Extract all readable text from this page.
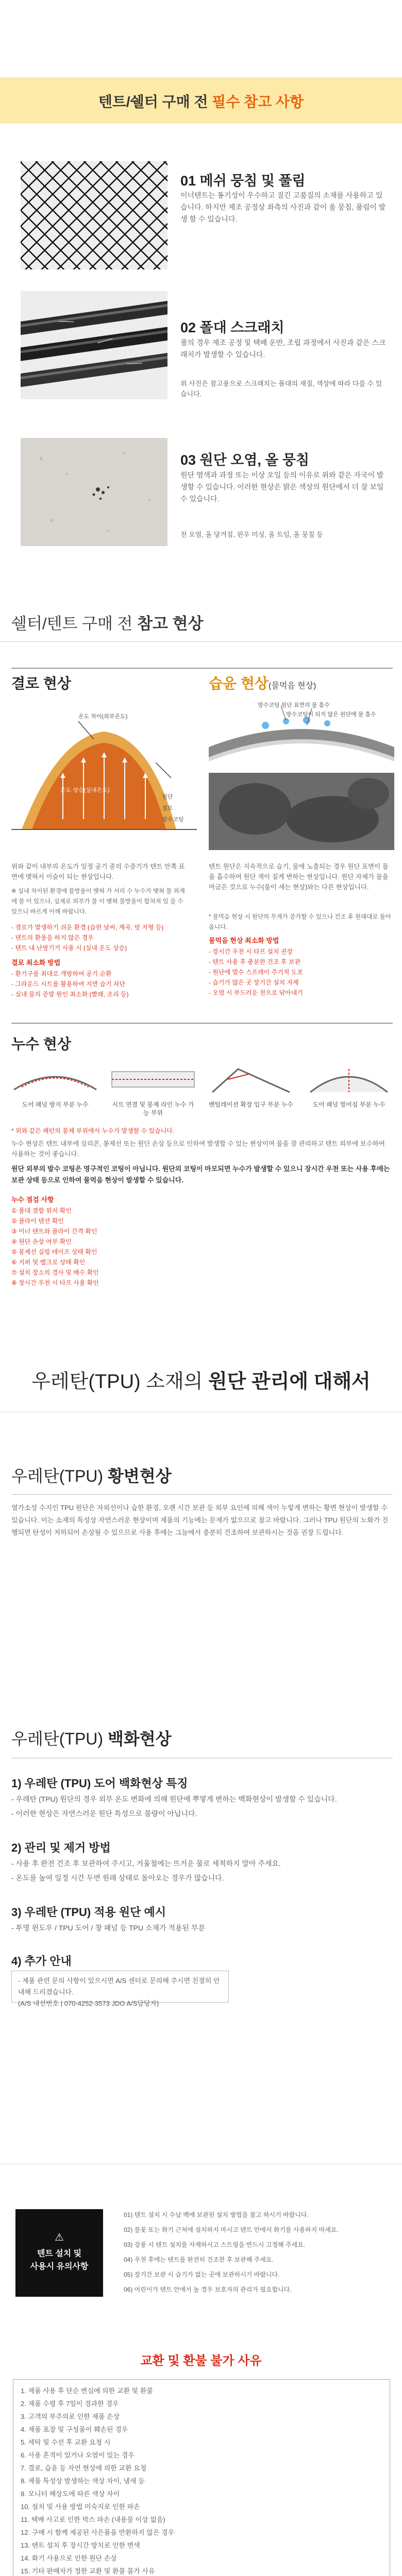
텐트/쉘터 구매 전 필수 참고 사항
01 메쉬 뭉침 및 풀림
이너텐트는 통기성이 우수하고 질긴 고품질의 소재를 사용하고 있습니다. 하지만 제조 공정상 좌측의 사진과 같이 올 뭉침, 풀림이 발생 할 수 있습니다.
02 폴대 스크래치
폴의 경우 제조 공정 및 택배 운반, 조립 과정에서 사진과 같은 스크래치가 발생할 수 있습니다.
위 사진은 참고용으로 스크래치는 폴대의 재질, 색상에 따라 다를 수 있습니다.
03 원단 오염, 올 뭉침
원단 염색과 과정 또는 이상 오일 등의 이유로 위와 같은 자국이 발생할 수 있습니다. 이러한 현상은 밝은 색상의 원단에서 더 잘 보일 수 있습니다.
천 오염, 올 당겨짐, 핀우 미싱, 올 트임, 올 뭉침 등
쉘터/텐트 구매 전 참고 현상
결로 현상
온도 차이(외부온도)
온도 상승(실내온도)
원단
결로
방수코팅
위와 같이 내부의 온도가 일정 공기 중의 수증기가 텐트 안쪽 표면에 맺혀서 이슬이 되는 현상입니다.
※ 실내 차이된 환경에 물방울이 맺혀 가 서리 수 누수가 맺혀 물 외계에 물 이 있으나, 실제로 외부가 물 이 맺혀 물방울이 합쳐져 있 을 수 있으니 바르게 이해 바랍니다.
- 결로가 발생하기 쉬운 환경 (습한 날씨, 계곡, 빗 지형 등)
- 텐트의 환풍을 하지 않은 경우
- 텐트 내 난방기기 사용 시 (실내 온도 상승)
결로 최소화 방법
- 환기구를 최대로 개방하여 공기 순환
- 그라운드 시트를 활용하여 지면 습기 차단
- 실내 물의 증발 원인 최소화 (빨래, 조리 등)
습윤 현상(물먹음 현상)
방수코팅 원단 표면의 물 흡수
방수코팅이 되지 않은 원단에 물 흡수
텐트 원단은 지속적으로 습기, 물에 노출되는 경우 원단 표면이 물을 흡수하여 원단 색이 짙게 변하는 현상입니다. 원단 자체가 물을 머금은 것으로 누수(물이 새는 현상)와는 다른 현상입니다.
* 물먹음 현상 시 원단의 무게가 증가할 수 있으나 건조 후 원래대로 돌아옵니다.
물먹음 현상 최소화 방법
- 장시간 우천 시 타프 설치 권장
- 텐트 사용 후 충분한 건조 후 보관
- 원단에 발수 스프레이 주기적 도포
- 습기가 많은 곳 장기간 설치 자제
- 오염 시 부드러운 천으로 닦아내기
누수 현상
도어 패널 방지 부분 누수	시트 연결 및 봉제 라인 누수 가능 부위
벤틸레이션 확장 입구 부분 누수	도어 패널 벌어짐 부분 누수
* 위와 같은 패턴의 봉제 부위에서 누수가 발생할 수 있습니다.
누수 현상은 텐트 내부에 실리콘, 봉제선 또는 원단 손상 등으로 인하여 발생할 수 있는 현상이며 물을 잘 관리하고 텐트 외부에 보수하여 사용하는 것이 좋습니다.
원단 외부의 발수 코팅은 영구적인 코팅이 아닙니다. 원단의 코팅이 마모되면 누수가 발생할 수 있으니 장시간 우천 또는 사용 후에는 보관 상태 등으로 인하여 물먹음 현상이 발생할 수 있습니다.
누수 점검 사항
① 폴대 결합 위치 확인
② 플라이 텐션 확인
③ 이너 텐트와 플라이 간격 확인
④ 원단 손상 여부 확인
⑤ 봉제선 실링 테이프 상태 확인
⑥ 지퍼 및 벨크로 상태 확인
⑦ 설치 장소의 경사 및 배수 확인
⑧ 장시간 우천 시 타프 사용 확인
우레탄(TPU) 소재의 원단 관리에 대해서
우레탄(TPU) 황변현상
열가소성 수지인 TPU 원단은 자외선이나 습한 환경, 오랜 시간 보관 등 외부 요인에 의해 색이 누렇게 변하는 황변 현상이 발생할 수 있습니다. 이는 소재의 특성상 자연스러운 현상이며 제품의 기능에는 문제가 없으므로 참고 바랍니다. 그러나 TPU 원단의 노화가 진행되면 탄성이 저하되어 손상될 수 있으므로 사용 후에는 그늘에서 충분히 건조하여 보관하시는 것을 권장 드립니다.
우레탄(TPU) 백화현상
1) 우레탄 (TPU) 도어 백화현상 특징
- 우레탄 (TPU) 원단의 경우 외부 온도 변화에 의해 원단에 뿌옇게 변하는 백화현상이 발생할 수 있습니다.
- 이러한 현상은 자연스러운 원단 특성으로 불량이 아닙니다.
2) 관리 및 제거 방법
- 사용 후 완전 건조 후 보관하여 주시고, 겨울철에는 뜨거운 물로 세척하지 말아 주세요.
- 온도를 높여 일정 시간 두면 원래 상태로 돌아오는 경우가 많습니다.
3) 우레탄 (TPU) 적용 원단 예시
- 투명 윈도우 / TPU 도어 / 창 패널 등 TPU 소재가 적용된 부분
4) 추가 안내
- 제품 관련 문의 사항이 있으시면 A/S 센터로 문의해 주시면 친절히 안내해 드리겠습니다.
(A/S 내선번호 | 070-4252-3573 JDO A/S담당자)
⚠
텐트 설치 및
사용시 유의사항
01) 텐트 설치 시 수납 백에 보관된 설치 방법을 참고 하시기 바랍니다.
02) 불꽃 또는 화기 근처에 설치하지 마시고 텐트 안에서 화기를 사용하지 마세요.
03) 강풍 시 텐트 설치를 자제하시고 스트링을 반드시 고정해 주세요.
04) 우천 후에는 텐트를 완전히 건조한 후 보관해 주세요.
05) 장기간 보관 시 습기가 없는 곳에 보관하시기 바랍니다.
06) 어린이가 텐트 안에서 놀 경우 보호자의 관리가 필요합니다.
교환 및 환불 불가 사유
1. 제품 사용 후 단순 변심에 의한 교환 및 환불
2. 제품 수령 후 7일이 경과한 경우
3. 고객의 부주의로 인한 제품 손상
4. 제품 포장 및 구성품이 훼손된 경우
5. 세탁 및 수선 후 교환 요청 시
6. 사용 흔적이 있거나 오염이 있는 경우
7. 결로, 습윤 등 자연 현상에 의한 교환 요청
8. 제품 특성상 발생하는 색상 차이, 냄새 등
9. 모니터 해상도에 따른 색상 차이
10. 설치 및 사용 방법 미숙지로 인한 파손
11. 택배 사고로 인한 박스 파손 (내용물 이상 없음)
12. 구매 시 함께 제공된 사은품을 반환하지 않은 경우
13. 텐트 설치 후 장시간 방치로 인한 변색
14. 화기 사용으로 인한 원단 손상
15. 기타 판매자가 정한 교환 및 환불 불가 사유
